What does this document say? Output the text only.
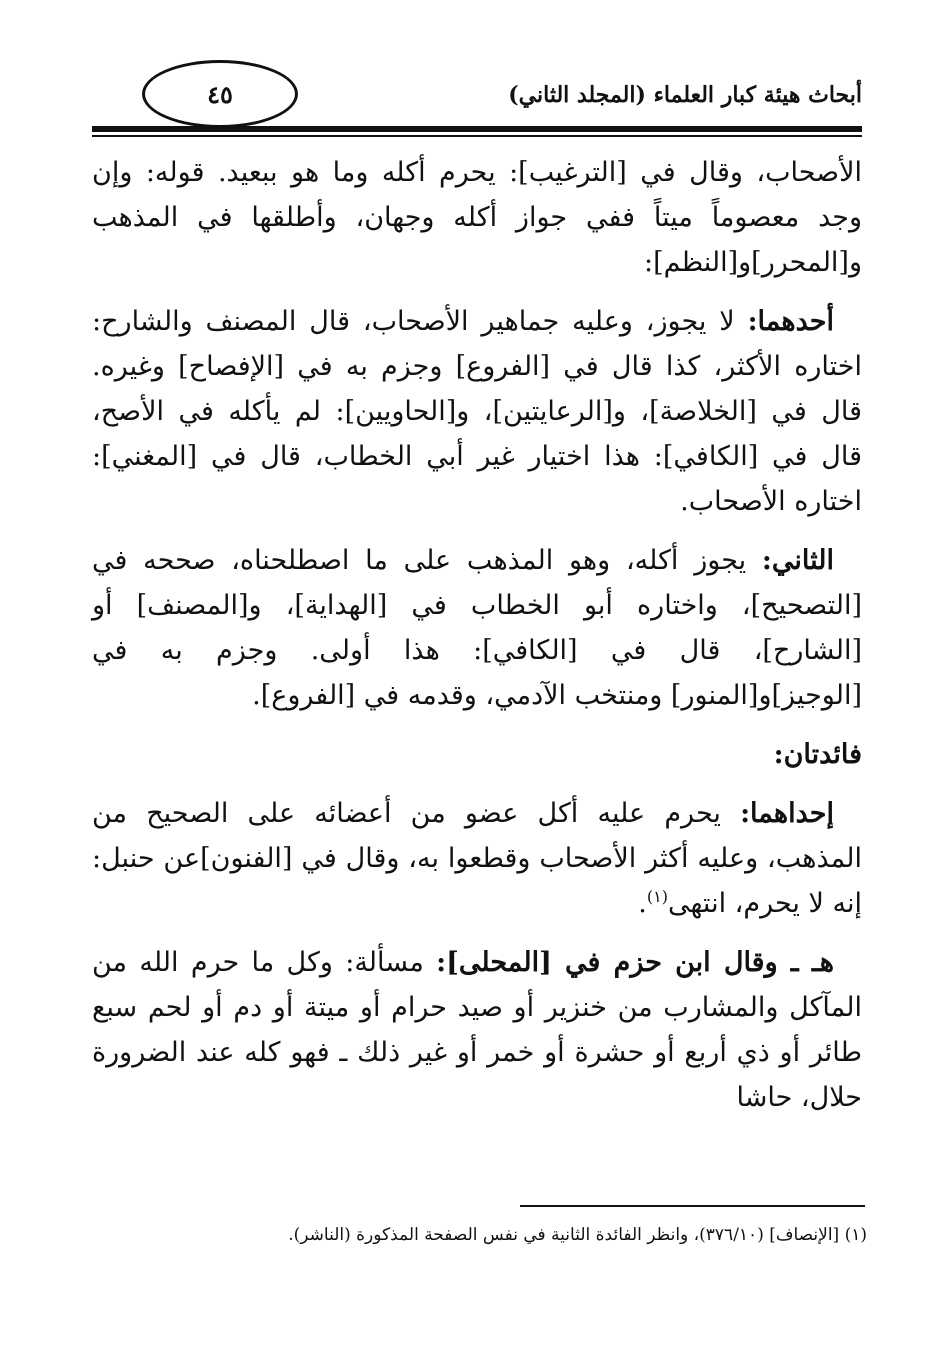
٤٥	أبحاث هيئة كبار العلماء (المجلد الثاني)

الأصحاب، وقال في [الترغيب]: يحرم أكله وما هو ببعيد. قوله: وإن وجد معصوماً ميتاً ففي جواز أكله وجهان، وأطلقها في المذهب و[المحرر]و[النظم]:

أحدهما: لا يجوز، وعليه جماهير الأصحاب، قال المصنف والشارح: اختاره الأكثر، كذا قال في [الفروع] وجزم به في [الإفصاح] وغيره. قال في [الخلاصة]، و[الرعايتين]، و[الحاويين]: لم يأكله في الأصح، قال في [الكافي]: هذا اختيار غير أبي الخطاب، قال في [المغني]: اختاره الأصحاب.

الثاني: يجوز أكله، وهو المذهب على ما اصطلحناه، صححه في [التصحيح]، واختاره أبو الخطاب في [الهداية]، و[المصنف] أو [الشارح]، قال في [الكافي]: هذا أولى. وجزم به في [الوجيز]و[المنور] ومنتخب الآدمي، وقدمه في [الفروع].

فائدتان:

إحداهما: يحرم عليه أكل عضو من أعضائه على الصحيح من المذهب، وعليه أكثر الأصحاب وقطعوا به، وقال في [الفنون]عن حنبل: إنه لا يحرم، انتهى$^{(١)}$.

هـ ـ وقال ابن حزم في [المحلى]: مسألة: وكل ما حرم الله من المآكل والمشارب من خنزير أو صيد حرام أو ميتة أو دم أو لحم سبع طائر أو ذي أربع أو حشرة أو خمر أو غير ذلك ـ فهو كله عند الضرورة حلال، حاشا

(١) [الإنصاف] (٣٧٦/١٠)، وانظر الفائدة الثانية في نفس الصفحة المذكورة (الناشر).
